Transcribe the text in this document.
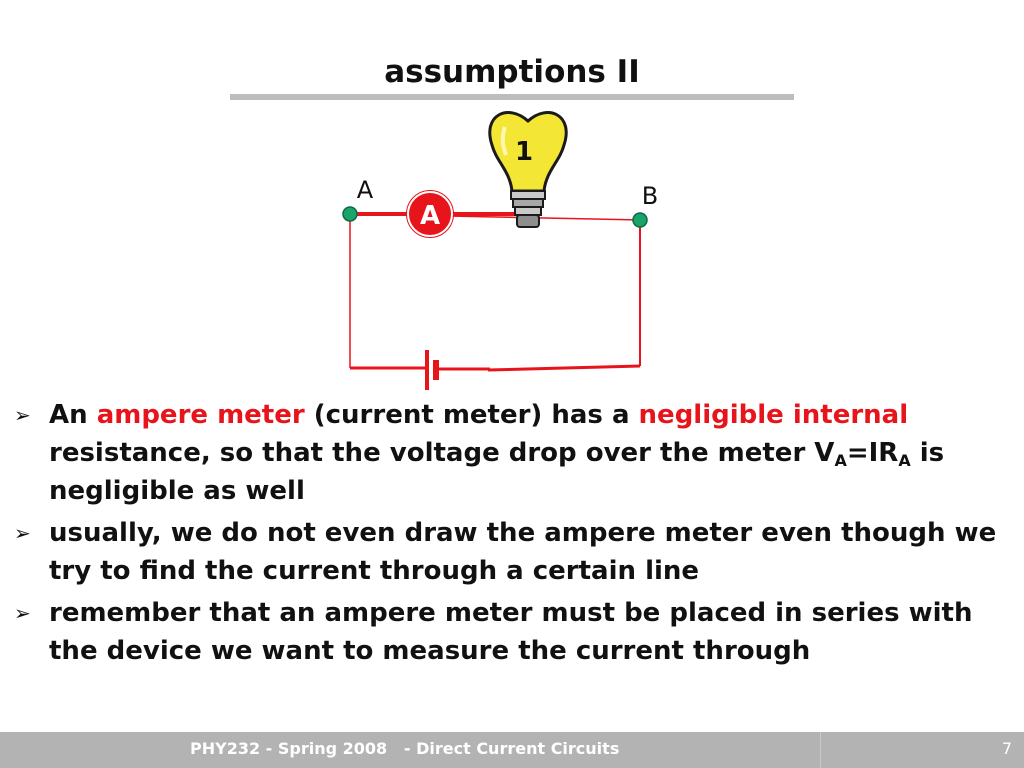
assumptions II
A
1
A	B
➢ An ampere meter (current meter) has a negligible internal resistance, so that the voltage drop over the meter $V_A=IR_A$ is negligible as well
➢ usually, we do not even draw the ampere meter even though we try to find the current through a certain line
➢ remember that an ampere meter must be placed in series with the device we want to measure the current through
PHY232 - Spring 2008   - Direct Current Circuits	7
